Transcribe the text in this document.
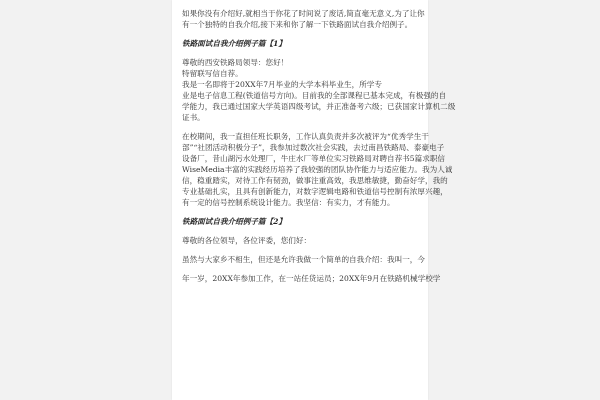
如果你没有介绍好,就相当于你花了时间说了废话,简直毫无意义,为了让你
有一个独特的自我介绍,接下来和你了解一下铁路面试自我介绍例子。
铁路面试自我介绍例子篇【1】
尊敬的西安铁路局领导：您好！
特留联写信自荐。
我是一名即将于20XX年7月毕业的大学本科毕业生，所学专
业是电子信息工程(铁道信号方向)。目前我的全部课程已基本完成，有极强的自
学能力，我已通过国家大学英语四级考试，并正准备考六级；已获国家计算机二级
证书。
在校期间，我一直担任班长职务，工作认真负责并多次被评为“优秀学生干
部”“社团活动积极分子”，我参加过数次社会实践，去过南昌铁路局、泰豪电子
设备厂，昔山湖污水处理厂，牛庄水厂等单位实习铁路局对聘自荐书5篇求职信
WiseMedia丰富的实践经历培养了我较强的团队协作能力与适应能力。我为人诚
信，稳重踏实，对待工作有韧劲，做事注重高效，我思维敏捷，勤奋好学，我的
专业基础扎实，且具有创新能力，对数字逻辑电路和铁道信号控制有浓厚兴趣，
有一定的信号控制系统设计能力。我坚信：有实力，才有能力。
铁路面试自我介绍例子篇【2】
尊敬的各位领导，各位评委，您们好：
虽然与大家乡不相生，但还是允许我做一个简单的自我介绍：我叫一，今
年一岁，20XX年参加工作，在一站任货运员；20XX年9月在铁路机械学校学
